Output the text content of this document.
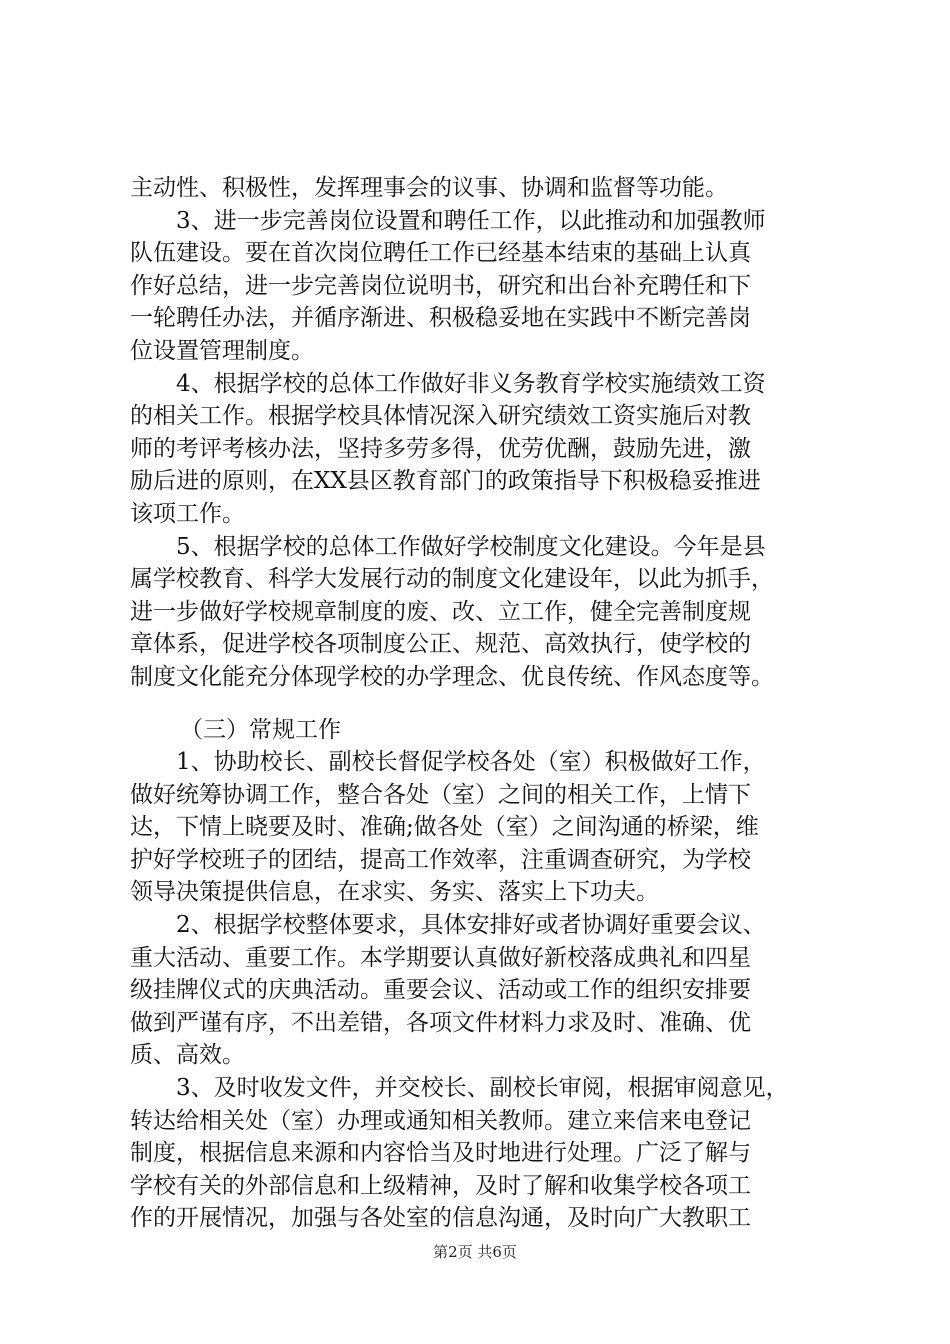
主动性、积极性，发挥理事会的议事、协调和监督等功能。
3、进一步完善岗位设置和聘任工作，以此推动和加强教师
队伍建设。要在首次岗位聘任工作已经基本结束的基础上认真
作好总结，进一步完善岗位说明书，研究和出台补充聘任和下
一轮聘任办法，并循序渐进、积极稳妥地在实践中不断完善岗
位设置管理制度。
4、根据学校的总体工作做好非义务教育学校实施绩效工资
的相关工作。根据学校具体情况深入研究绩效工资实施后对教
师的考评考核办法，坚持多劳多得，优劳优酬，鼓励先进，激
励后进的原则，在XX县区教育部门的政策指导下积极稳妥推进
该项工作。
5、根据学校的总体工作做好学校制度文化建设。今年是县
属学校教育、科学大发展行动的制度文化建设年，以此为抓手，
进一步做好学校规章制度的废、改、立工作，健全完善制度规
章体系，促进学校各项制度公正、规范、高效执行，使学校的
制度文化能充分体现学校的办学理念、优良传统、作风态度等。
（三）常规工作
1、协助校长、副校长督促学校各处（室）积极做好工作，
做好统筹协调工作，整合各处（室）之间的相关工作，上情下
达，下情上晓要及时、准确;做各处（室）之间沟通的桥梁，维
护好学校班子的团结，提高工作效率，注重调查研究，为学校
领导决策提供信息，在求实、务实、落实上下功夫。
2、根据学校整体要求，具体安排好或者协调好重要会议、
重大活动、重要工作。本学期要认真做好新校落成典礼和四星
级挂牌仪式的庆典活动。重要会议、活动或工作的组织安排要
做到严谨有序，不出差错，各项文件材料力求及时、准确、优
质、高效。
3、及时收发文件，并交校长、副校长审阅，根据审阅意见，
转达给相关处（室）办理或通知相关教师。建立来信来电登记
制度，根据信息来源和内容恰当及时地进行处理。广泛了解与
学校有关的外部信息和上级精神，及时了解和收集学校各项工
作的开展情况，加强与各处室的信息沟通，及时向广大教职工
第2页 共6页
